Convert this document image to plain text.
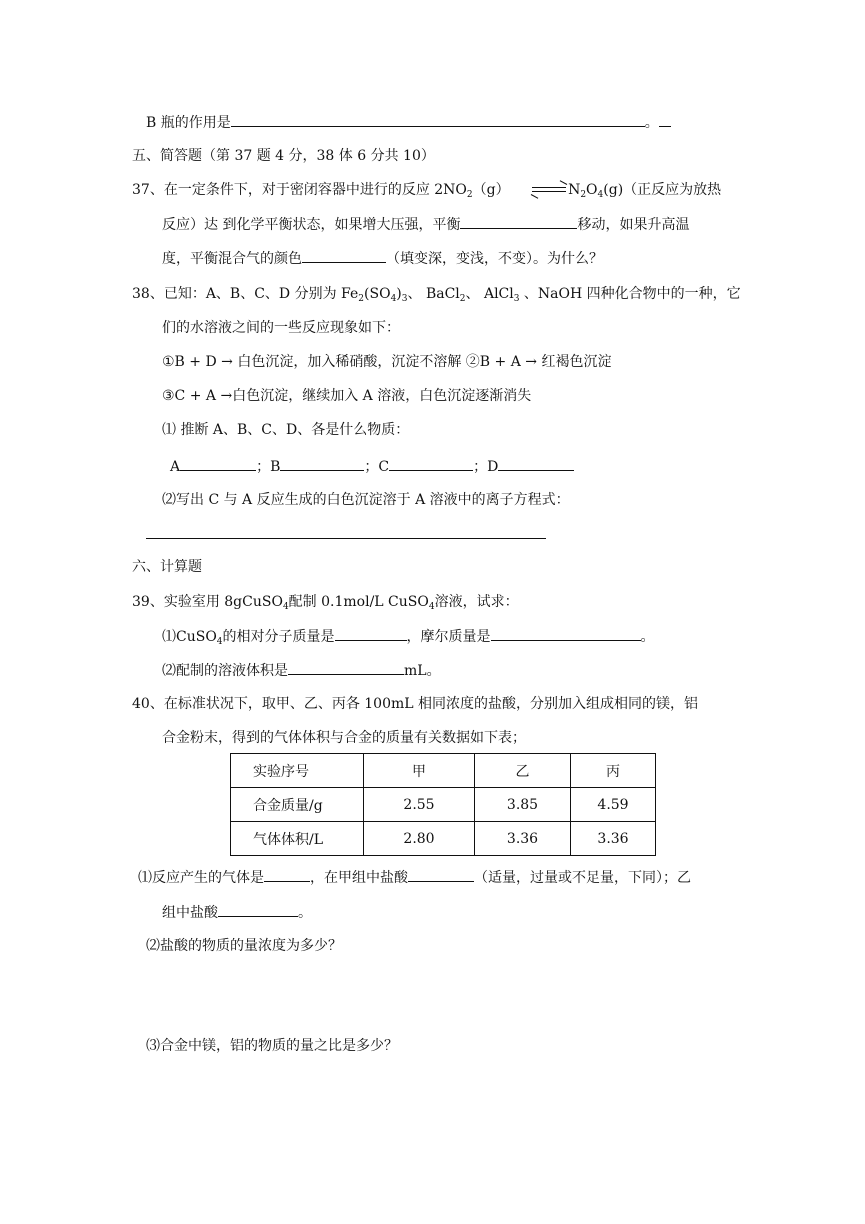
B 瓶的作用是	。
五、简答题（第 37 题 4 分，38 体 6 分共 10）
37、在一定条件下，对于密闭容器中进行的反应 $2NO_2(g)$ ⇌ $N_2O_4(g)$（正反应为放热
反应）达 到化学平衡状态，如果增大压强，平衡	移动，如果升高温
度，平衡混合气的颜色	（填变深，变浅，不变）。为什么？
38、已知：A、B、C、D 分别为 $Fe_2(SO_4)_3$、 BaCl$_2$、 AlCl$_3$ 、NaOH 四种化合物中的一种，它
们的水溶液之间的一些反应现象如下：
①B + D → 白色沉淀，加入稀硝酸，沉淀不溶解 ②B + A → 红褐色沉淀
③C + A →白色沉淀，继续加入 A 溶液，白色沉淀逐渐消失
⑴ 推断 A、B、C、D、各是什么物质：
A	；B	；C	；D
⑵写出 C 与 A 反应生成的白色沉淀溶于 A 溶液中的离子方程式：
六、计算题
39、实验室用 8gCuSO$_4$配制 0.1mol/L CuSO$_4$溶液，试求：
⑴CuSO$_4$的相对分子质量是	，摩尔质量是	。
⑵配制的溶液体积是	mL。
40、在标准状况下，取甲、乙、丙各 100mL 相同浓度的盐酸，分别加入组成相同的镁，铝
合金粉末，得到的气体体积与合金的质量有关数据如下表；
实验序号	甲	乙	丙
合金质量/g	2.55	3.85	4.59
气体体积/L	2.80	3.36	3.36
⑴反应产生的气体是	，在甲组中盐酸	（适量，过量或不足量，下同）；乙
组中盐酸	。
⑵盐酸的物质的量浓度为多少？
⑶合金中镁，铝的物质的量之比是多少？
